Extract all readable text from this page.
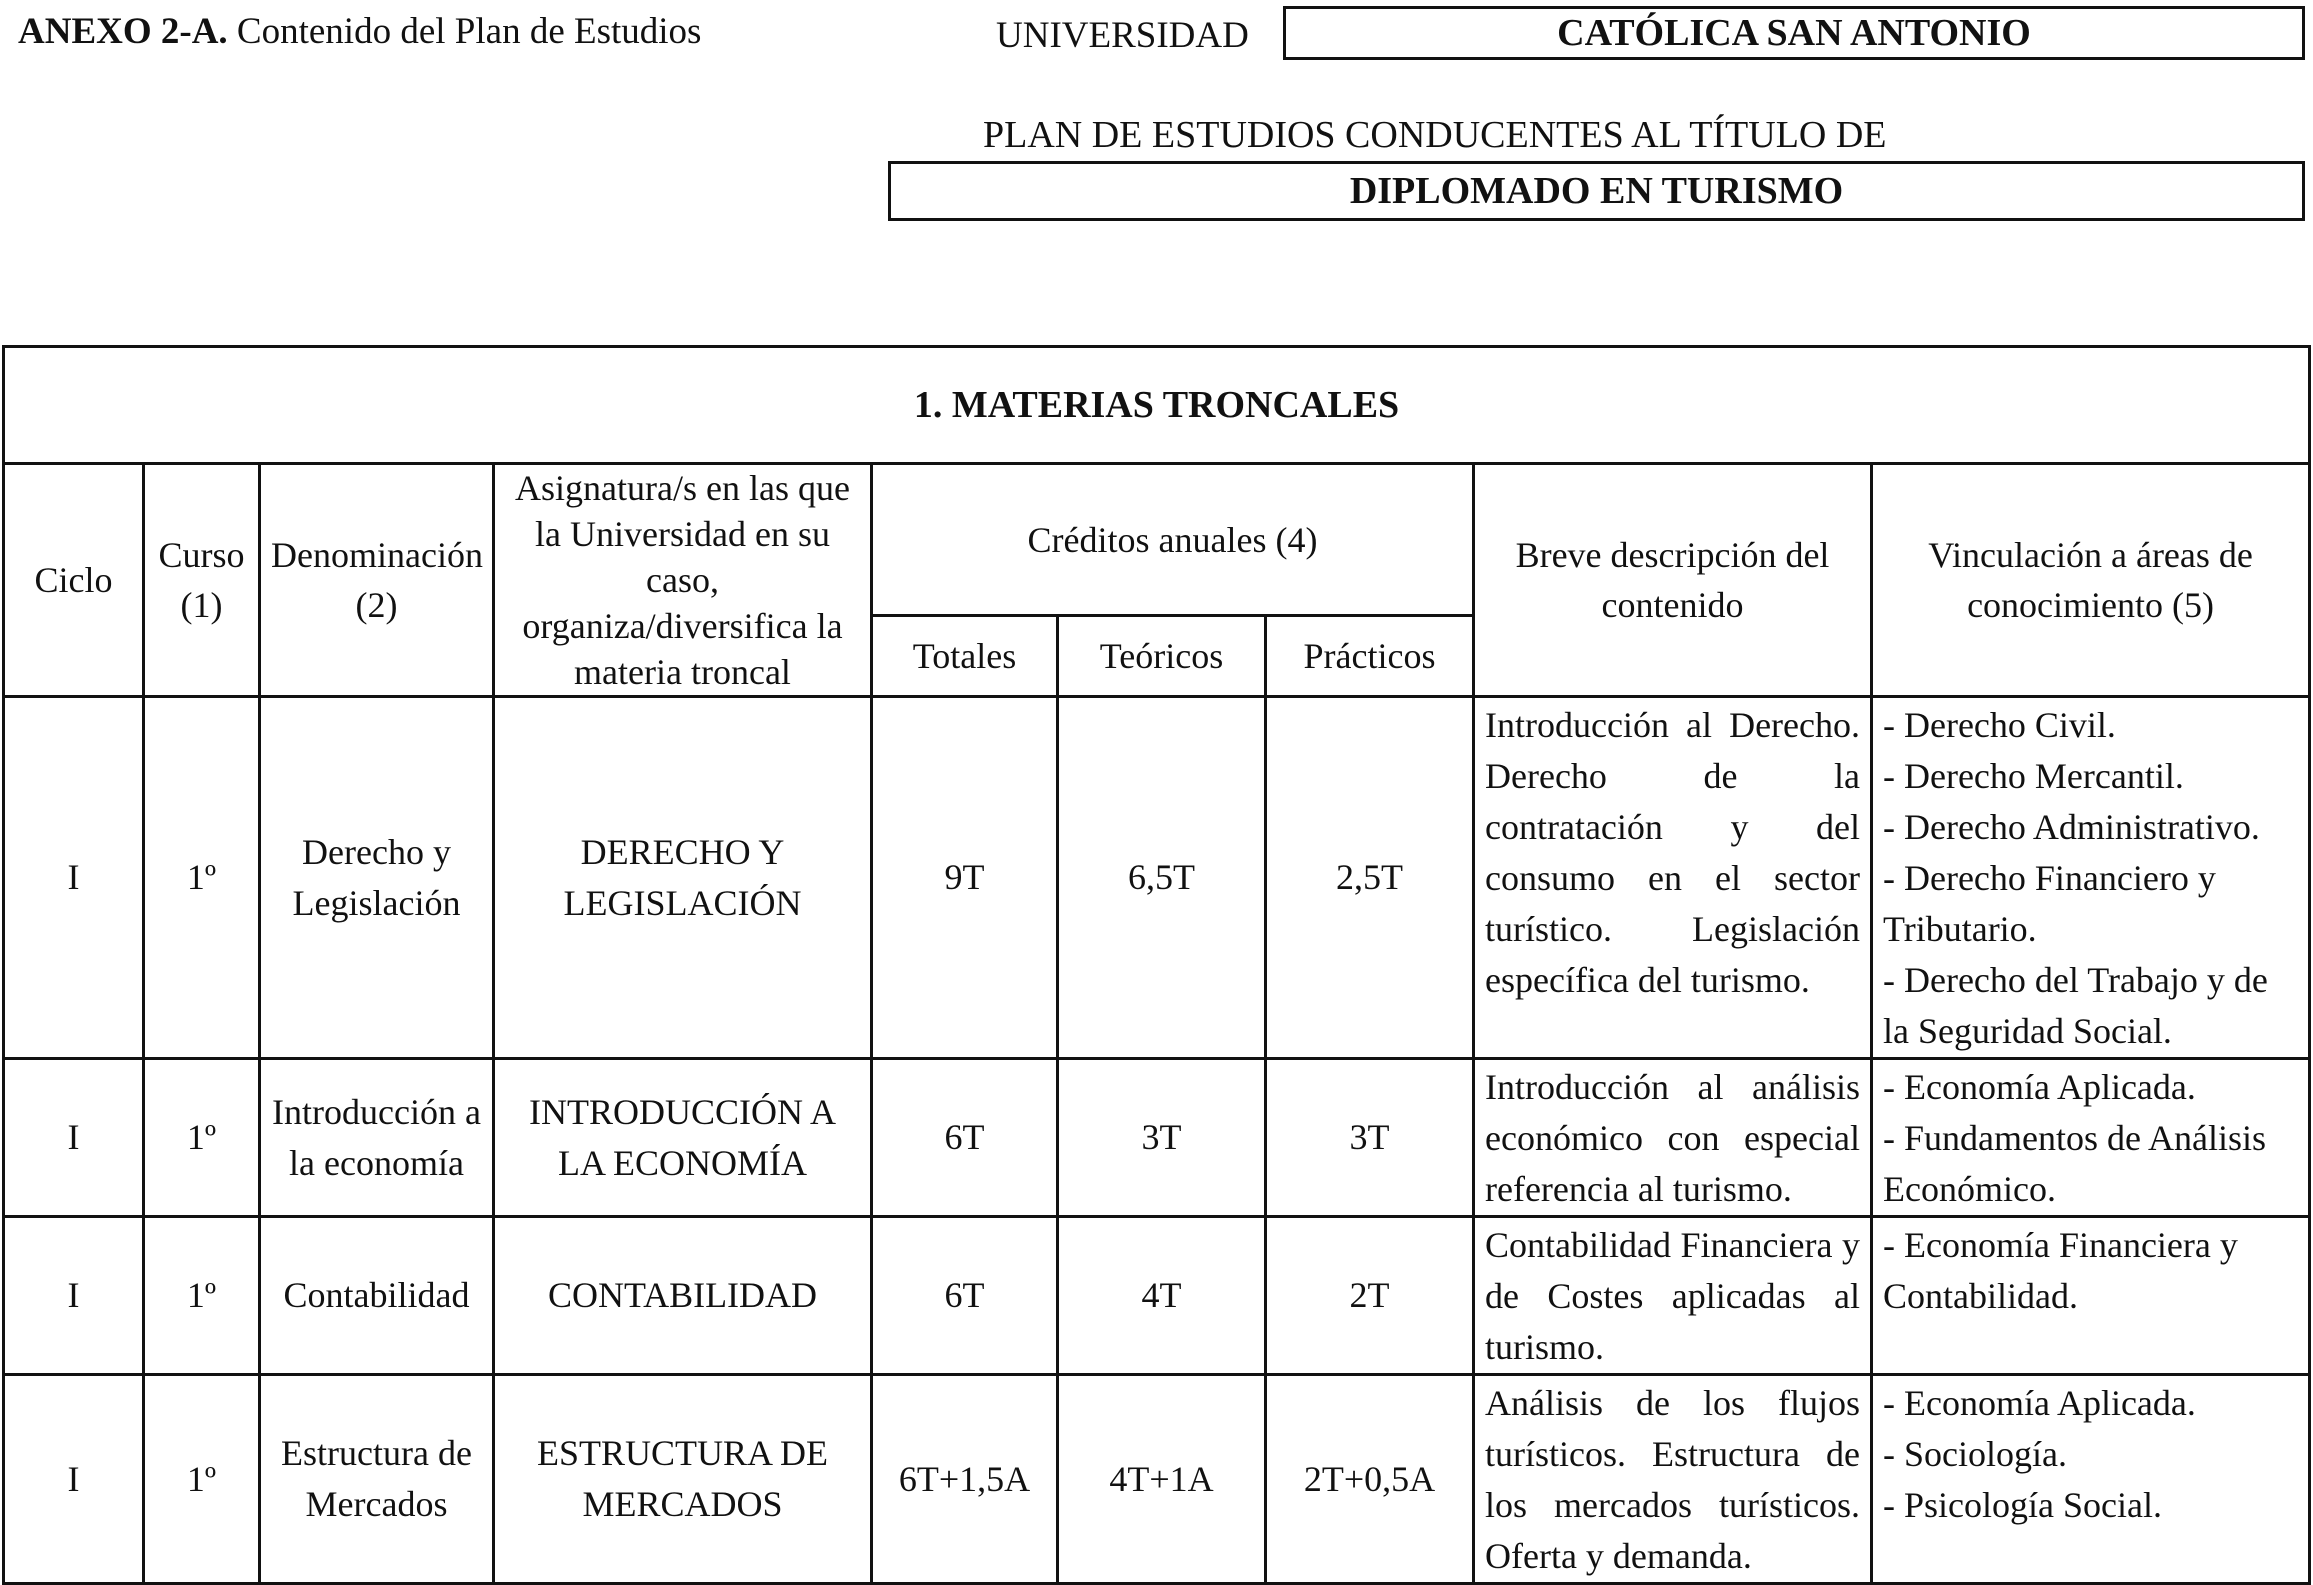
ANEXO 2-A. Contenido del Plan de Estudios	UNIVERSIDAD	CATÓLICA SAN ANTONIO
PLAN DE ESTUDIOS CONDUCENTES AL TÍTULO DE
DIPLOMADO EN TURISMO
1. MATERIAS TRONCALES								
Ciclo	Curso (1)	Denominación (2)	Asignatura/s en las que la Universidad en su caso, organiza/diversifica la materia troncal	Créditos anuales (4)			Breve descripción del contenido	Vinculación a áreas de conocimiento (5)
				Totales	Teóricos	Prácticos		
I	1º	Derecho y Legislación	DERECHO Y LEGISLACIÓN	9T	6,5T	2,5T	Introducción al Derecho. Derecho de la contratación y del consumo en el sector turístico. Legislación específica del turismo.	- Derecho Civil.
- Derecho Mercantil.
- Derecho Administrativo.
- Derecho Financiero y Tributario.
- Derecho del Trabajo y de la Seguridad Social.

I	1º	Introducción a la economía	INTRODUCCIÓN A LA ECONOMÍA	6T	3T	3T	Introducción al análisis económico con especial referencia al turismo.	- Economía Aplicada.
- Fundamentos de Análisis Económico.

I	1º	Contabilidad	CONTABILIDAD	6T	4T	2T	Contabilidad Financiera y de Costes aplicadas al turismo.	- Economía Financiera y Contabilidad.

I	1º	Estructura de Mercados	ESTRUCTURA DE MERCADOS	6T+1,5A	4T+1A	2T+0,5A	Análisis de los flujos turísticos. Estructura de los mercados turísticos. Oferta y demanda.	- Economía Aplicada.
- Sociología.
- Psicología Social.
